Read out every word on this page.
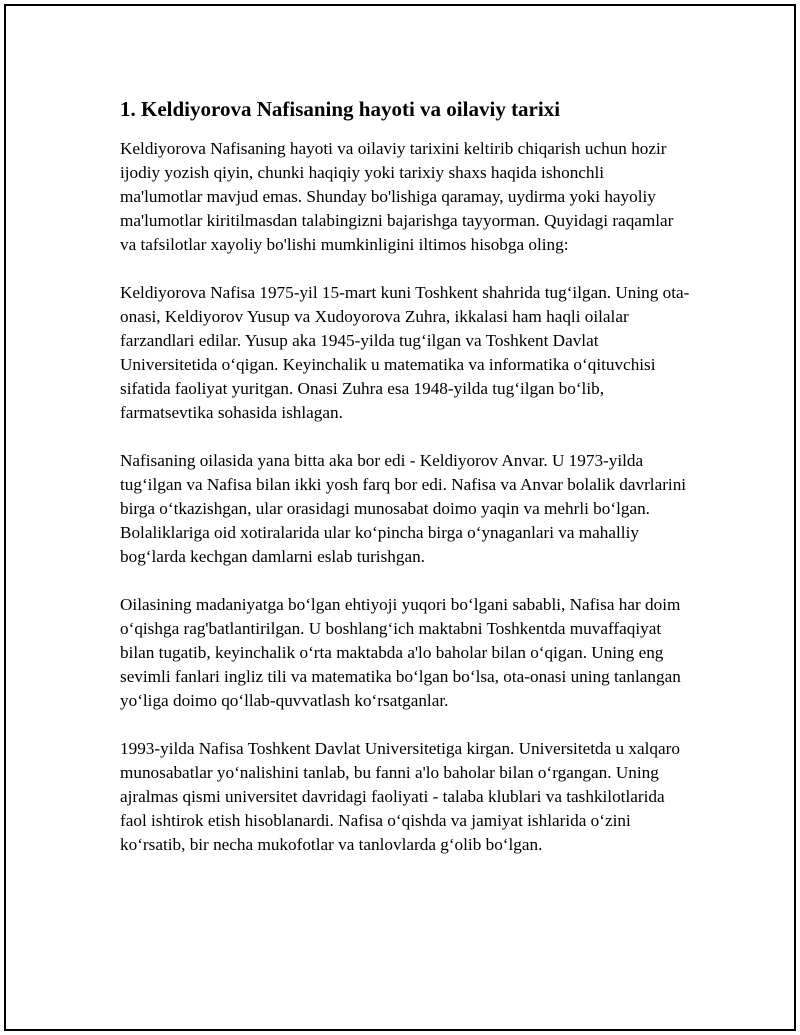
1. Keldiyorova Nafisaning hayoti va oilaviy tarixi

Keldiyorova Nafisaning hayoti va oilaviy tarixini keltirib chiqarish uchun hozir ijodiy yozish qiyin, chunki haqiqiy yoki tarixiy shaxs haqida ishonchli ma'lumotlar mavjud emas. Shunday bo'lishiga qaramay, uydirma yoki hayoliy ma'lumotlar kiritilmasdan talabingizni bajarishga tayyorman. Quyidagi raqamlar va tafsilotlar xayoliy bo'lishi mumkinligini iltimos hisobga oling:

Keldiyorova Nafisa 1975-yil 15-mart kuni Toshkent shahrida tug‘ilgan. Uning ota-onasi, Keldiyorov Yusup va Xudoyorova Zuhra, ikkalasi ham haqli oilalar farzandlari edilar. Yusup aka 1945-yilda tug‘ilgan va Toshkent Davlat Universitetida o‘qigan. Keyinchalik u matematika va informatika o‘qituvchisi sifatida faoliyat yuritgan. Onasi Zuhra esa 1948-yilda tug‘ilgan bo‘lib, farmatsevtika sohasida ishlagan.

Nafisaning oilasida yana bitta aka bor edi - Keldiyorov Anvar. U 1973-yilda tug‘ilgan va Nafisa bilan ikki yosh farq bor edi. Nafisa va Anvar bolalik davrlarini birga o‘tkazishgan, ular orasidagi munosabat doimo yaqin va mehrli bo‘lgan. Bolaliklariga oid xotiralarida ular ko‘pincha birga o‘ynaganlari va mahalliy bog‘larda kechgan damlarni eslab turishgan.

Oilasining madaniyatga bo‘lgan ehtiyoji yuqori bo‘lgani sababli, Nafisa har doim o‘qishga rag'batlantirilgan. U boshlang‘ich maktabni Toshkentda muvaffaqiyat bilan tugatib, keyinchalik o‘rta maktabda a'lo baholar bilan o‘qigan. Uning eng sevimli fanlari ingliz tili va matematika bo‘lgan bo‘lsa, ota-onasi uning tanlangan yo‘liga doimo qo‘llab-quvvatlash ko‘rsatganlar.

1993-yilda Nafisa Toshkent Davlat Universitetiga kirgan. Universitetda u xalqaro munosabatlar yo‘nalishini tanlab, bu fanni a'lo baholar bilan o‘rgangan. Uning ajralmas qismi universitet davridagi faoliyati - talaba klublari va tashkilotlarida faol ishtirok etish hisoblanardi. Nafisa o‘qishda va jamiyat ishlarida o‘zini ko‘rsatib, bir necha mukofotlar va tanlovlarda g‘olib bo‘lgan.
